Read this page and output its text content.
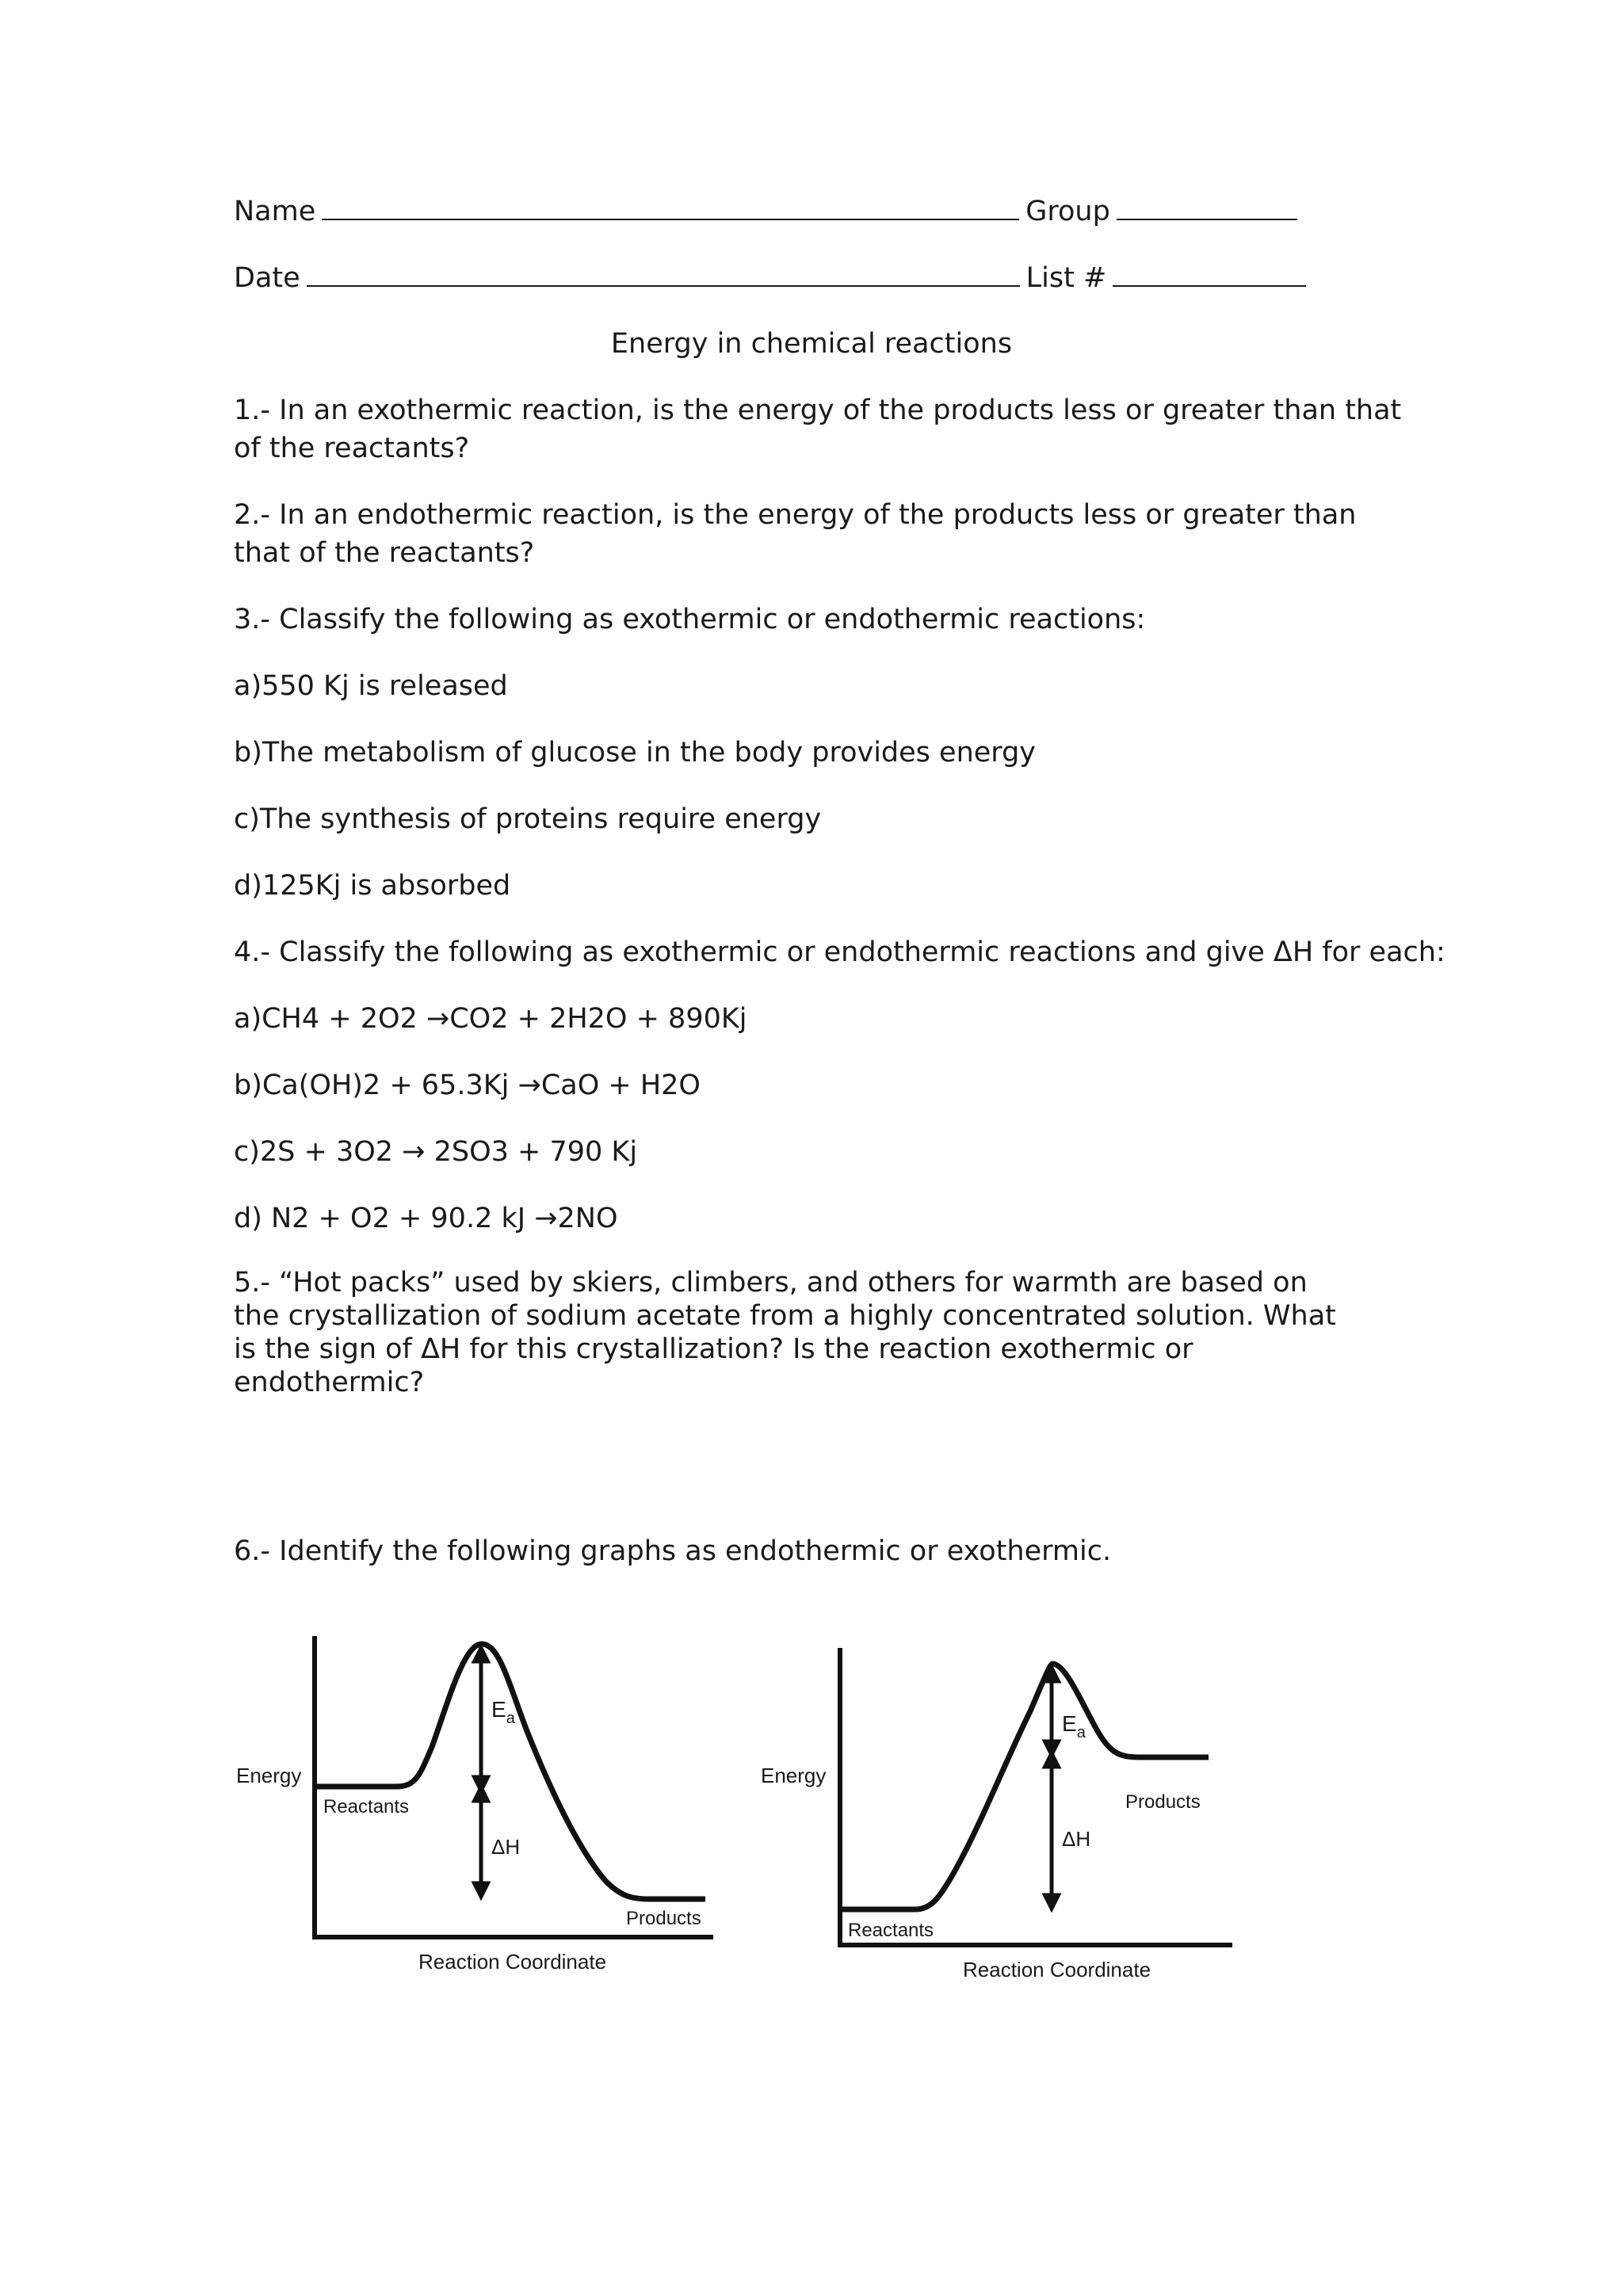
Name	Group
Date	List #
Energy in chemical reactions
1.- In an exothermic reaction, is the energy of the products less or greater than that of the reactants?
2.- In an endothermic reaction, is the energy of the products less or greater than that of the reactants?
3.- Classify the following as exothermic or endothermic reactions:
a)550 Kj is released
b)The metabolism of glucose in the body provides energy
c)The synthesis of proteins require energy
d)125Kj is absorbed
4.- Classify the following as exothermic or endothermic reactions and give ΔH for each:
a)CH4 + 2O2 →CO2 + 2H2O + 890Kj
b)Ca(OH)2 + 65.3Kj →CaO + H2O
c)2S + 3O2 → 2SO3 + 790 Kj
d) N2 + O2 + 90.2 kJ →2NO
5.- “Hot packs” used by skiers, climbers, and others for warmth are based on the crystallization of sodium acetate from a highly concentrated solution. What is the sign of ΔH for this crystallization? Is the reaction exothermic or endothermic?
6.- Identify the following graphs as endothermic or exothermic.
Energy
Reactants
Products
Reaction Coordinate
$E_a$
ΔH
Energy
Reactants
Products
Reaction Coordinate
$E_a$
ΔH
